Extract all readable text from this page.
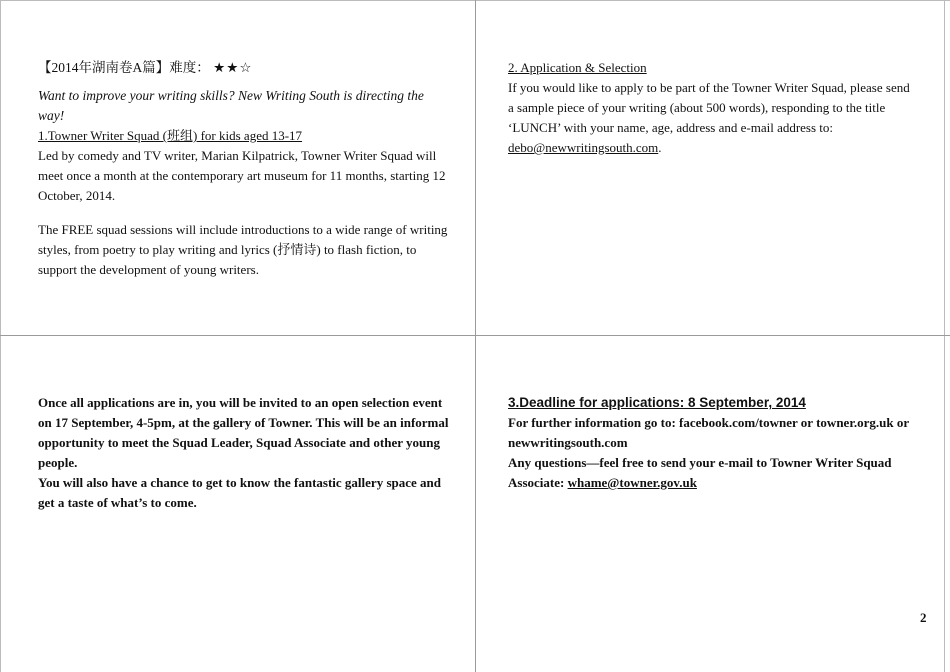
【2014年湖南卷A篇】难度： ★★☆

Want to improve your writing skills? New Writing South is directing the way!

1.Towner Writer Squad (班组) for kids aged 13-17

Led by comedy and TV writer, Marian Kilpatrick, Towner Writer Squad will meet once a month at the contemporary art museum for 11 months, starting 12 October, 2014.

The FREE squad sessions will include introductions to a wide range of writing styles, from poetry to play writing and lyrics (抒情诗) to flash fiction, to support the development of young writers.

2. Application & Selection

If you would like to apply to be part of the Towner Writer Squad, please send a sample piece of your writing (about 500 words), responding to the title ‘LUNCH’ with your name, age, address and e-mail address to: debo@newwritingsouth.com.

Once all applications are in, you will be invited to an open selection event on 17 September, 4-5pm, at the gallery of Towner. This will be an informal opportunity to meet the Squad Leader, Squad Associate and other young people.

You will also have a chance to get to know the fantastic gallery space and get a taste of what’s to come.

3.Deadline for applications: 8 September, 2014

For further information go to: facebook.com/towner or towner.org.uk or newwritingsouth.com

Any questions—feel free to send your e-mail to Towner Writer Squad Associate: whame@towner.gov.uk

2
